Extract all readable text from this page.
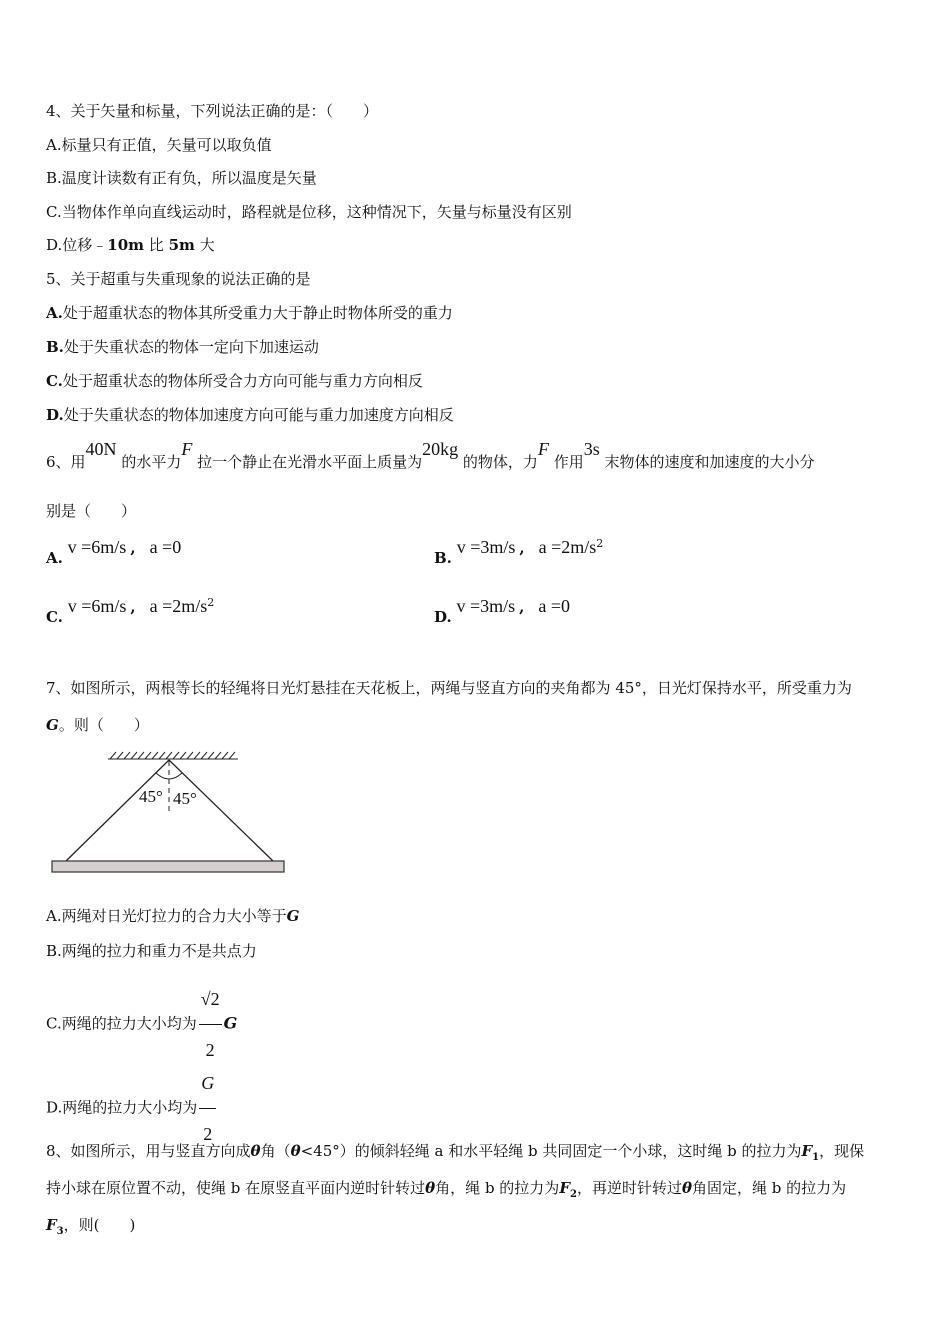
4、关于矢量和标量，下列说法正确的是：（　　）
A.标量只有正值，矢量可以取负值
B.温度计读数有正有负，所以温度是矢量
C.当物体作单向直线运动时，路程就是位移，这种情况下，矢量与标量没有区别
D.位移﹣10m 比 5m 大
5、关于超重与失重现象的说法正确的是
A.处于超重状态的物体其所受重力大于静止时物体所受的重力
B.处于失重状态的物体一定向下加速运动
C.处于超重状态的物体所受合力方向可能与重力方向相反
D.处于失重状态的物体加速度方向可能与重力加速度方向相反
6、用40N 的水平力F 拉一个静止在光滑水平面上质量为20kg 的物体，力F 作用3s 末物体的速度和加速度的大小分
别是（　　）
A. v =6m/s , a =0
B. v =3m/s , $a =2m/s^2$
C. v =6m/s , $a =2m/s^2$
D. v =3m/s , a =0
7、如图所示，两根等长的轻绳将日光灯悬挂在天花板上，两绳与竖直方向的夹角都为 45°，日光灯保持水平，所受重力为
G。则（　　）
45° 45°
A.两绳对日光灯拉力的合力大小等于G
B.两绳的拉力和重力不是共点力
C.两绳的拉力大小均为 $\frac{√2}{2}$ G
D.两绳的拉力大小均为 $\frac{G}{2}$
8、如图所示，用与竖直方向成θ角（θ<45°）的倾斜轻绳 a 和水平轻绳 b 共同固定一个小球，这时绳 b 的拉力为$F_1$，现保
持小球在原位置不动，使绳 b 在原竖直平面内逆时针转过θ角，绳 b 的拉力为$F_2$，再逆时针转过θ角固定，绳 b 的拉力为
$F_3$，则(　　)
